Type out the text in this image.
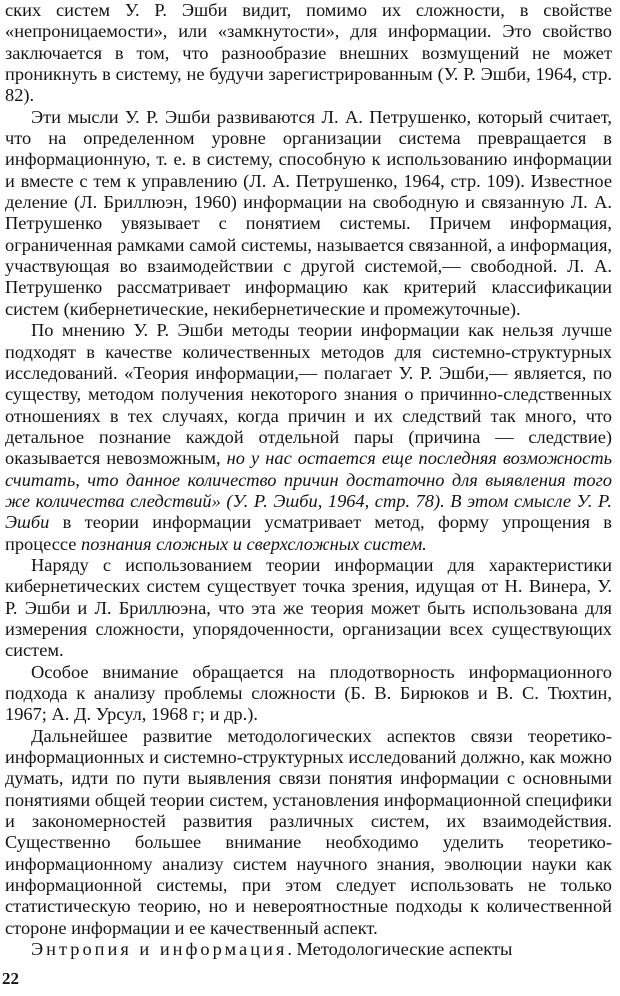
ских систем У. Р. Эшби видит, помимо их сложности, в свойстве «непроницаемости», или «замкнутости», для информации. Это свойство заключается в том, что разнообразие внешних возмущений не может проникнуть в систему, не будучи зарегистрированным (У. Р. Эшби, 1964, стр. 82).

Эти мысли У. Р. Эшби развиваются Л. А. Петрушенко, который считает, что на определенном уровне организации система превращается в информационную, т. е. в систему, способную к использованию информации и вместе с тем к управлению (Л. А. Петрушенко, 1964, стр. 109). Известное деление (Л. Бриллюэн, 1960) информации на свободную и связанную Л. А. Петрушенко увязывает с понятием системы. Причем информация, ограниченная рамками самой системы, называется связанной, а информация, участвующая во взаимодействии с другой системой,— свободной. Л. А. Петрушенко рассматривает информацию как критерий классификации систем (кибернетические, некибернетические и промежуточные).

По мнению У. Р. Эшби методы теории информации как нельзя лучше подходят в качестве количественных методов для системно-структурных исследований. «Теория информации,— полагает У. Р. Эшби,— является, по существу, методом получения некоторого знания о причинно-следственных отношениях в тех случаях, когда причин и их следствий так много, что детальное познание каждой отдельной пары (причина — следствие) оказывается невозможным, но у нас остается еще последняя возможность считать, что данное количество причин достаточно для выявления того же количества следствий» (У. Р. Эшби, 1964, стр. 78). В этом смысле У. Р. Эшби в теории информации усматривает метод, форму упрощения в процессе познания сложных и сверхсложных систем.

Наряду с использованием теории информации для характеристики кибернетических систем существует точка зрения, идущая от Н. Винера, У. Р. Эшби и Л. Бриллюэна, что эта же теория может быть использована для измерения сложности, упорядоченности, организации всех существующих систем.

Особое внимание обращается на плодотворность информационного подхода к анализу проблемы сложности (Б. В. Бирюков и В. С. Тюхтин, 1967; А. Д. Урсул, 1968 г; и др.).

Дальнейшее развитие методологических аспектов связи теоретико-информационных и системно-структурных исследований должно, как можно думать, идти по пути выявления связи понятия информации с основными понятиями общей теории систем, установления информационной специфики и закономерностей развития различных систем, их взаимодействия. Существенно большее внимание необходимо уделить теоретико-информационному анализу систем научного знания, эволюции науки как информационной системы, при этом следует использовать не только статистическую теорию, но и невероятностные подходы к количественной стороне информации и ее качественный аспект.

Энтропия и информация. Методологические аспекты

22
